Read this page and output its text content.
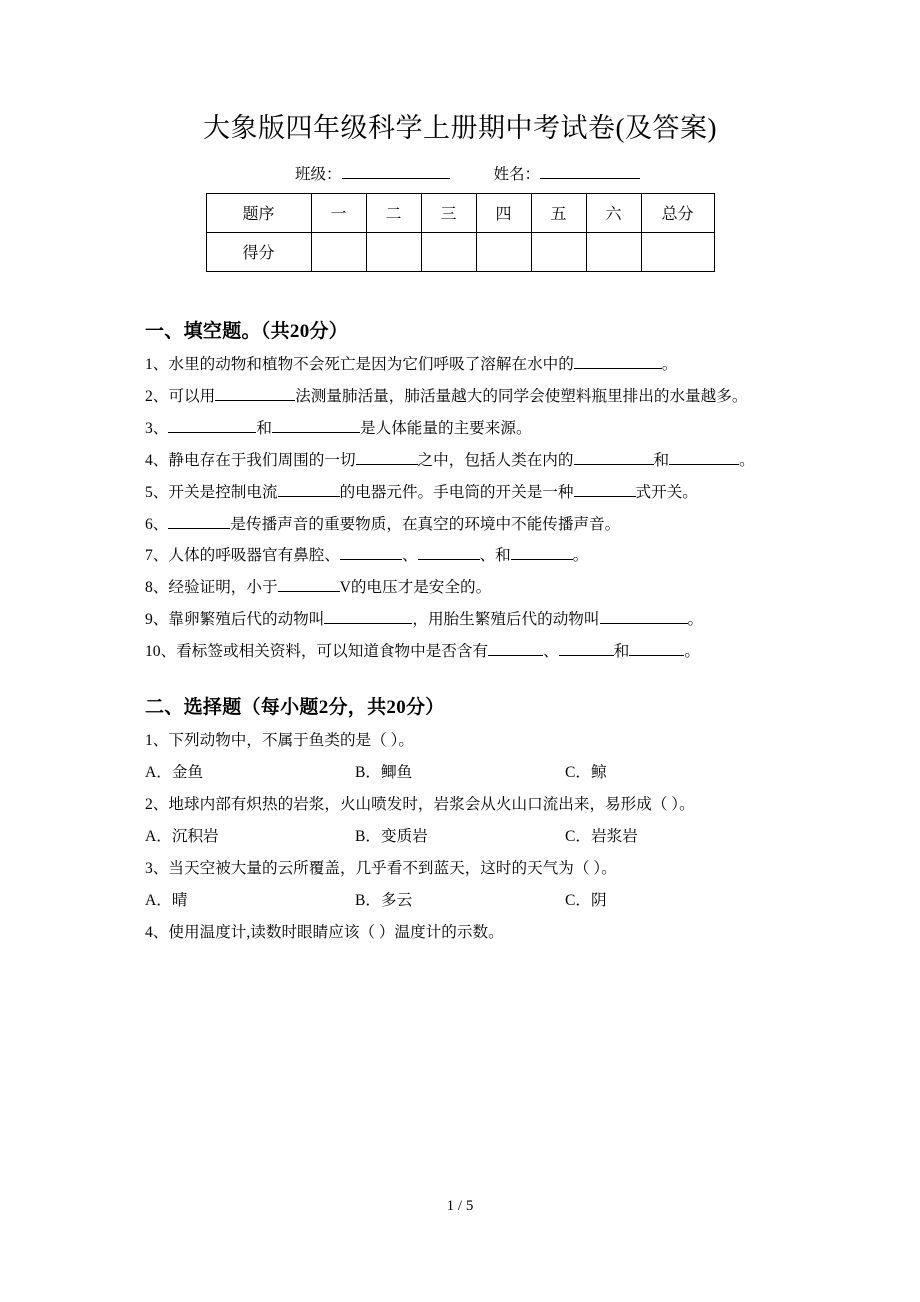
大象版四年级科学上册期中考试卷(及答案)
班级：	姓名：
题序	一	二	三	四	五	六	总分
得分							
一、填空题。（共20分）

1、水里的动物和植物不会死亡是因为它们呼吸了溶解在水中的	。

2、可以用	法测量肺活量，肺活量越大的同学会使塑料瓶里排出的水量越多。

3、	和	是人体能量的主要来源。

4、静电存在于我们周围的一切	之中，包括人类在内的	和	。

5、开关是控制电流	的电器元件。手电筒的开关是一种	式开关。

6、	是传播声音的重要物质，在真空的环境中不能传播声音。

7、人体的呼吸器官有鼻腔、	、	、和	。

8、经验证明，小于	V的电压才是安全的。

9、靠卵繁殖后代的动物叫	，用胎生繁殖后代的动物叫	。

10、看标签或相关资料，可以知道食物中是否含有	、	和	。

二、选择题（每小题2分，共20分）

1、下列动物中，不属于鱼类的是（ ）。

A．金鱼	B．鲫鱼	C．鲸

2、地球内部有炽热的岩浆，火山喷发时，岩浆会从火山口流出来，易形成（ ）。

A．沉积岩	B．变质岩	C．岩浆岩

3、当天空被大量的云所覆盖，几乎看不到蓝天，这时的天气为（ ）。

A．晴	B．多云	C．阴

4、使用温度计,读数时眼睛应该（ ）温度计的示数。

1 / 5
